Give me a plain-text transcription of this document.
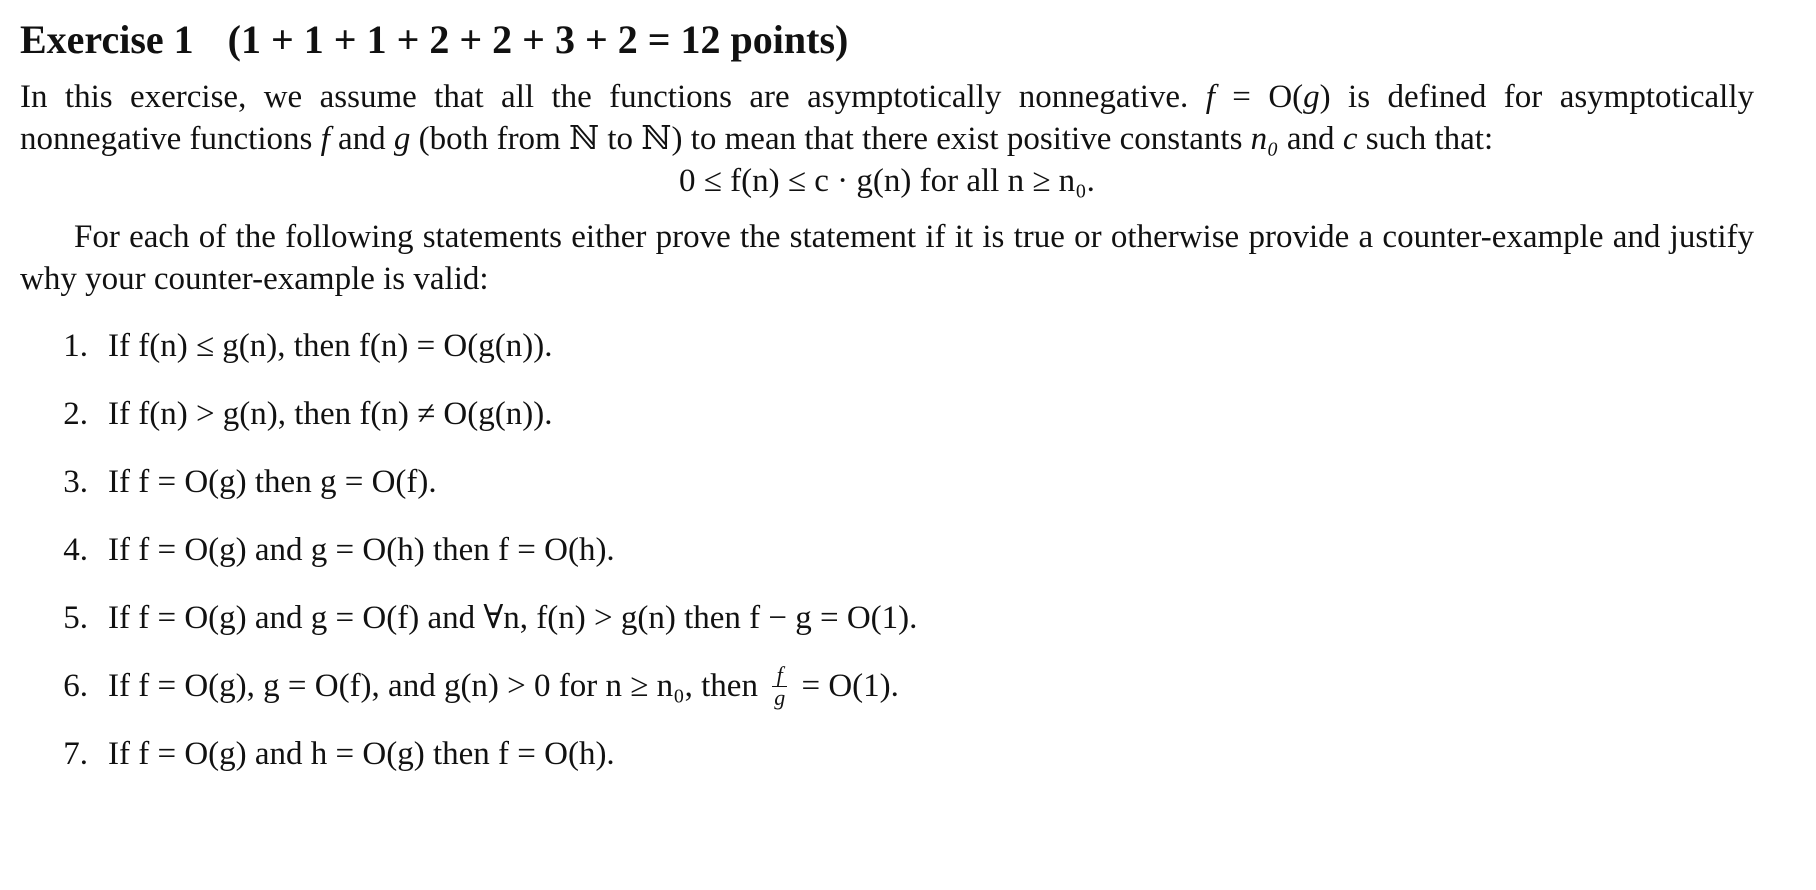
Exercise 1 (1 + 1 + 1 + 2 + 2 + 3 + 2 = 12 points)

In this exercise, we assume that all the functions are asymptotically nonnegative. f = O(g) is defined for asymptotically nonnegative functions f and g (both from ℕ to ℕ) to mean that there exist positive constants n₀ and c such that:

0 ≤ f(n) ≤ c · g(n) for all n ≥ n₀.

For each of the following statements either prove the statement if it is true or otherwise provide a counter-example and justify why your counter-example is valid:

1. If f(n) ≤ g(n), then f(n) = O(g(n)).
2. If f(n) > g(n), then f(n) ≠ O(g(n)).
3. If f = O(g) then g = O(f).
4. If f = O(g) and g = O(h) then f = O(h).
5. If f = O(g) and g = O(f) and ∀n, f(n) > g(n) then f − g = O(1).
6. If f = O(g), g = O(f), and g(n) > 0 for n ≥ n₀, then $\frac{f}{g} = O(1)$.
7. If f = O(g) and h = O(g) then f = O(h).
